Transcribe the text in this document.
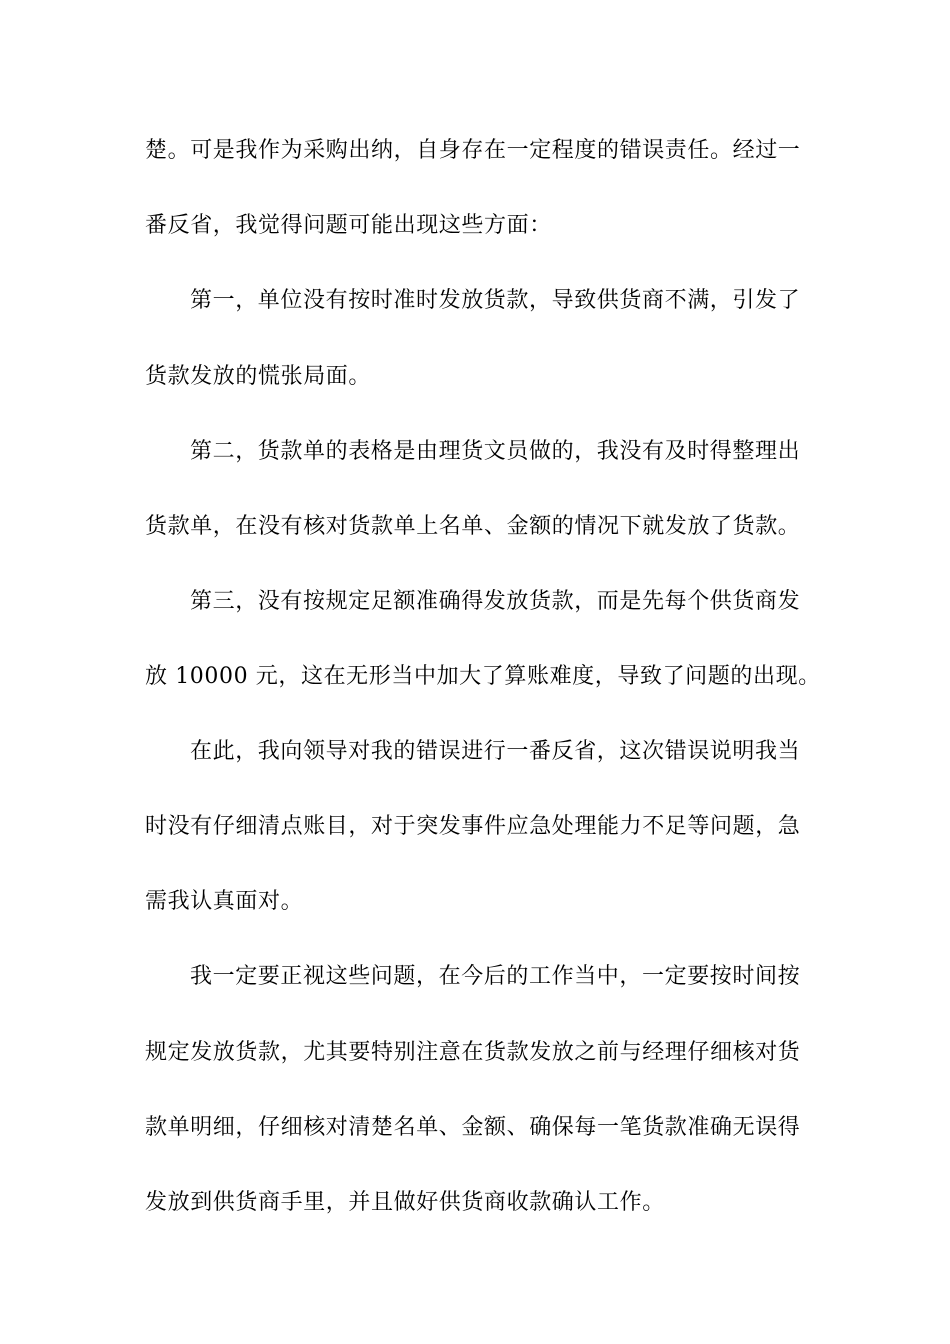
楚。可是我作为采购出纳，自身存在一定程度的错误责任。经过一
番反省，我觉得问题可能出现这些方面：
第一，单位没有按时准时发放货款，导致供货商不满，引发了
货款发放的慌张局面。
第二，货款单的表格是由理货文员做的，我没有及时得整理出
货款单，在没有核对货款单上名单、金额的情况下就发放了货款。
第三，没有按规定足额准确得发放货款，而是先每个供货商发
放 10000 元，这在无形当中加大了算账难度，导致了问题的出现。
在此，我向领导对我的错误进行一番反省，这次错误说明我当
时没有仔细清点账目，对于突发事件应急处理能力不足等问题，急
需我认真面对。
我一定要正视这些问题，在今后的工作当中，一定要按时间按
规定发放货款，尤其要特别注意在货款发放之前与经理仔细核对货
款单明细，仔细核对清楚名单、金额、确保每一笔货款准确无误得
发放到供货商手里，并且做好供货商收款确认工作。
